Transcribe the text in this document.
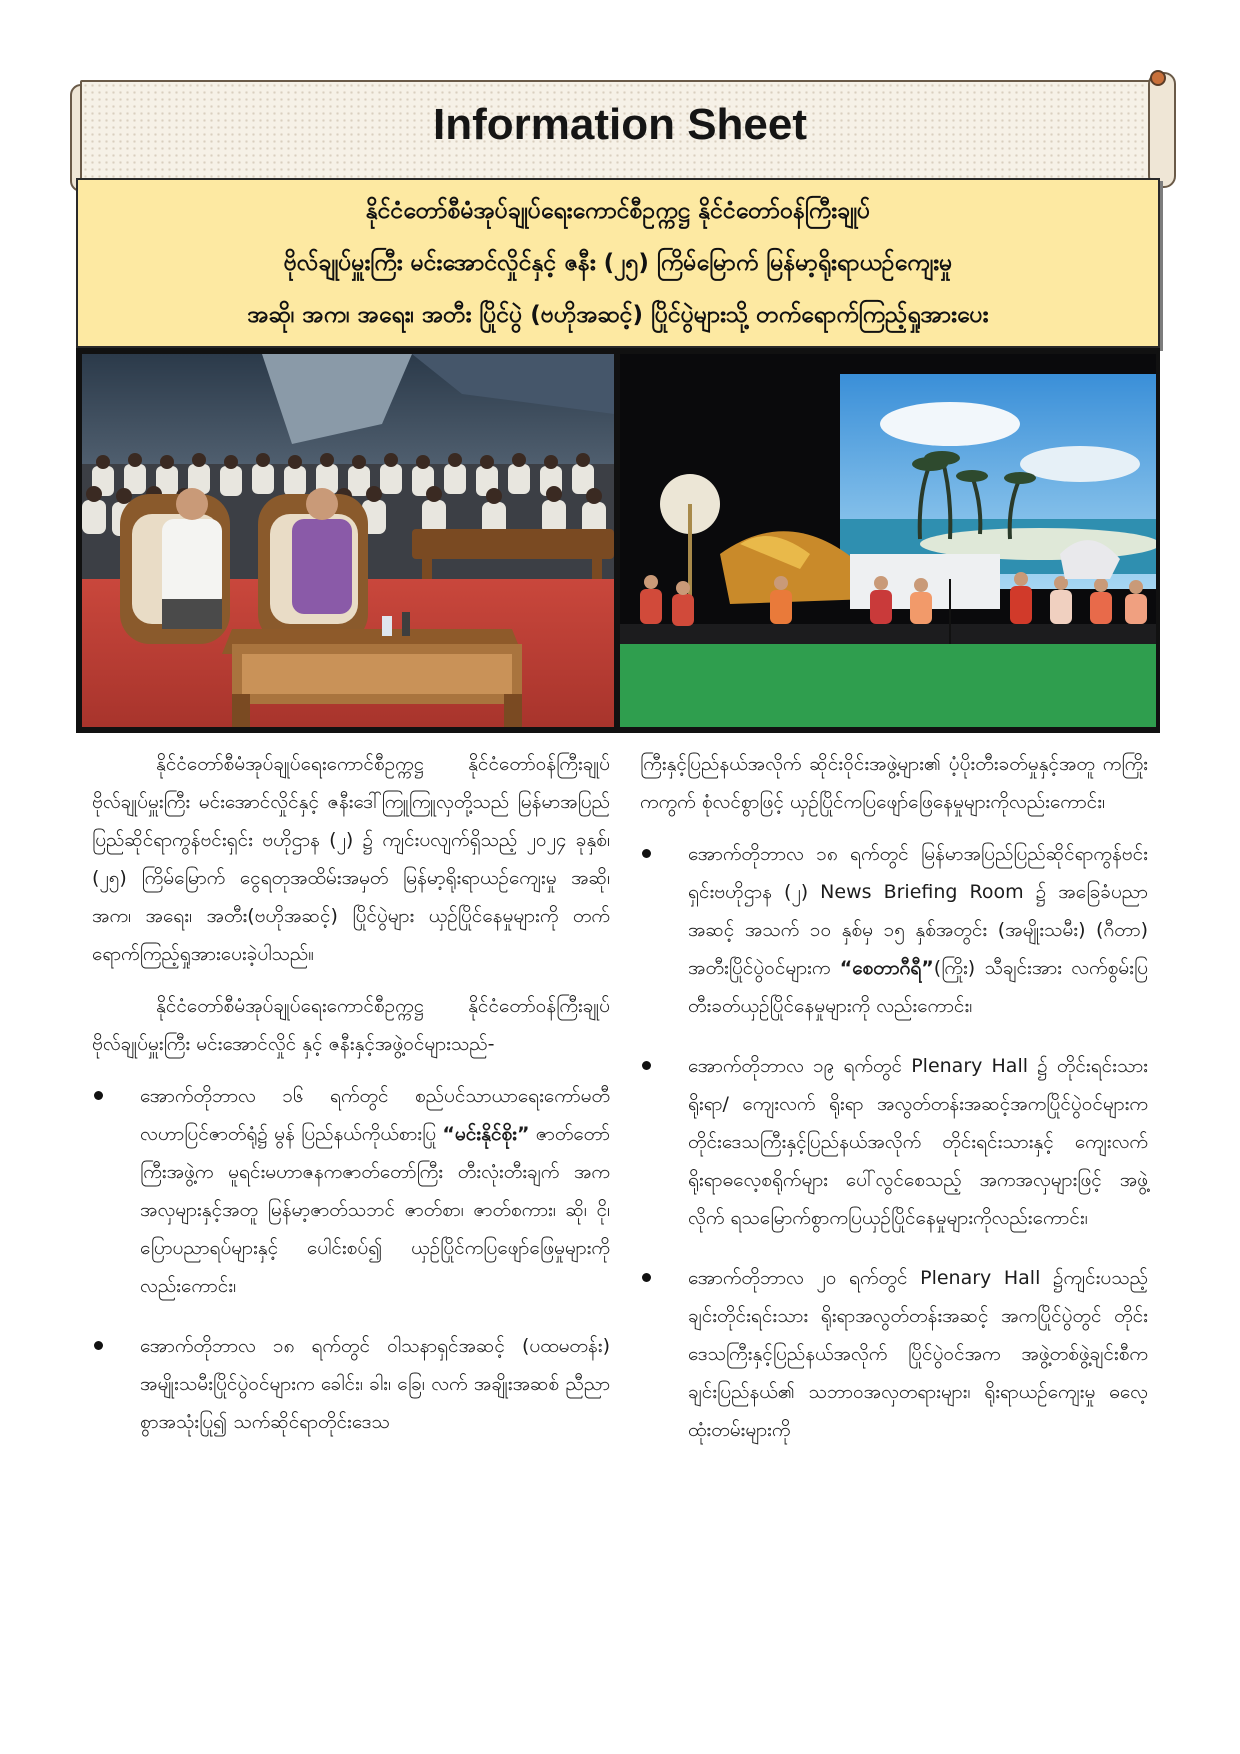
Information Sheet
နိုင်ငံတော်စီမံအုပ်ချုပ်ရေးကောင်စီဥက္ကဋ္ဌ နိုင်ငံတော်ဝန်ကြီးချုပ်
ဗိုလ်ချုပ်မှူးကြီး မင်းအောင်လှိုင်နှင့် ဇနီး (၂၅) ကြိမ်မြောက် မြန်မာ့ရိုးရာယဉ်ကျေးမှု
အဆို၊ အက၊ အရေး၊ အတီး ပြိုင်ပွဲ (ဗဟိုအဆင့်) ပြိုင်ပွဲများသို့ တက်ရောက်ကြည့်ရှုအားပေး

နိုင်ငံတော်စီမံအုပ်ချုပ်ရေးကောင်စီဥက္ကဋ္ဌ နိုင်ငံတော်ဝန်ကြီးချုပ် ဗိုလ်ချုပ်မှူးကြီး မင်းအောင်လှိုင်နှင့် ဇနီးဒေါ်ကြူကြူလှတို့သည် မြန်မာအပြည်ပြည်ဆိုင်ရာကွန်ဗင်းရှင်း ဗဟိုဌာန (၂) ၌ ကျင်းပလျက်ရှိသည့် ၂၀၂၄ ခုနှစ်၊ (၂၅) ကြိမ်မြောက် ငွေရတုအထိမ်းအမှတ် မြန်မာ့ရိုးရာယဉ်ကျေးမှု အဆို၊ အက၊ အရေး၊ အတီး(ဗဟိုအဆင့်) ပြိုင်ပွဲများ ယှဉ်ပြိုင်နေမှုများကို တက်ရောက်ကြည့်ရှုအားပေးခဲ့ပါသည်။

နိုင်ငံတော်စီမံအုပ်ချုပ်ရေးကောင်စီဥက္ကဋ္ဌ နိုင်ငံတော်ဝန်ကြီးချုပ် ဗိုလ်ချုပ်မှူးကြီး မင်းအောင်လှိုင် နှင့် ဇနီးနှင့်အဖွဲ့ဝင်များသည်-

အောက်တိုဘာလ ၁၆ ရက်တွင် စည်ပင်သာယာရေးကော်မတီ လဟာပြင်ဇာတ်ရုံ၌ မွန် ပြည်နယ်ကိုယ်စားပြု “မင်းနိုင်စိုး” ဇာတ်တော်ကြီးအဖွဲ့က မူရင်းမဟာဇနကဇာတ်တော်ကြီး တီးလုံးတီးချက် အကအလှများနှင့်အတူ မြန်မာ့ဇာတ်သဘင် ဇာတ်စာ၊ ဇာတ်စကား၊ ဆို၊ ငို၊ ပြောပညာရပ်များနှင့် ပေါင်းစပ်၍ ယှဉ်ပြိုင်ကပြဖျော်ဖြေမှုများကိုလည်းကောင်း၊
အောက်တိုဘာလ ၁၈ ရက်တွင် ဝါသနာရှင်အဆင့် (ပထမတန်း) အမျိုးသမီးပြိုင်ပွဲဝင်များက ခေါင်း၊ ခါး၊ ခြေ၊ လက် အချိုးအဆစ် ညီညာစွာအသုံးပြု၍ သက်ဆိုင်ရာတိုင်းဒေသ

ကြီးနှင့်ပြည်နယ်အလိုက် ဆိုင်းဝိုင်းအဖွဲ့များ၏ ပံ့ပိုးတီးခတ်မှုနှင့်အတူ ကကြိုးကကွက် စုံလင်စွာဖြင့် ယှဉ်ပြိုင်ကပြဖျော်ဖြေနေမှုများကိုလည်းကောင်း၊

အောက်တိုဘာလ ၁၈ ရက်တွင် မြန်မာအပြည်ပြည်ဆိုင်ရာကွန်ဗင်းရှင်းဗဟိုဌာန (၂) News Briefing Room ၌ အခြေခံပညာအဆင့် အသက် ၁၀ နှစ်မှ ၁၅ နှစ်အတွင်း (အမျိုးသမီး) (ဂီတာ) အတီးပြိုင်ပွဲဝင်များက “စေတာဂီရီ”(ကြိုး) သီချင်းအား လက်စွမ်းပြတီးခတ်ယှဉ်ပြိုင်နေမှုများကို လည်းကောင်း၊
အောက်တိုဘာလ ၁၉ ရက်တွင် Plenary Hall ၌ တိုင်းရင်းသား ရိုးရာ/ ကျေးလက် ရိုးရာ အလွတ်တန်းအဆင့်အကပြိုင်ပွဲဝင်များက တိုင်းဒေသကြီးနှင့်ပြည်နယ်အလိုက် တိုင်းရင်းသားနှင့် ကျေးလက်ရိုးရာဓလေ့စရိုက်များ ပေါ်လွင်စေသည့် အကအလှများဖြင့် အဖွဲ့လိုက် ရသမြောက်စွာကပြယှဉ်ပြိုင်နေမှုများကိုလည်းကောင်း၊
အောက်တိုဘာလ ၂၀ ရက်တွင် Plenary Hall ၌ကျင်းပသည့် ချင်းတိုင်းရင်းသား ရိုးရာအလွတ်တန်းအဆင့် အကပြိုင်ပွဲတွင် တိုင်းဒေသကြီးနှင့်ပြည်နယ်အလိုက် ပြိုင်ပွဲဝင်အက အဖွဲ့တစ်ဖွဲ့ချင်းစီက ချင်းပြည်နယ်၏ သဘာဝအလှတရားများ၊ ရိုးရာယဉ်ကျေးမှု ဓလေ့ထုံးတမ်းများကို
